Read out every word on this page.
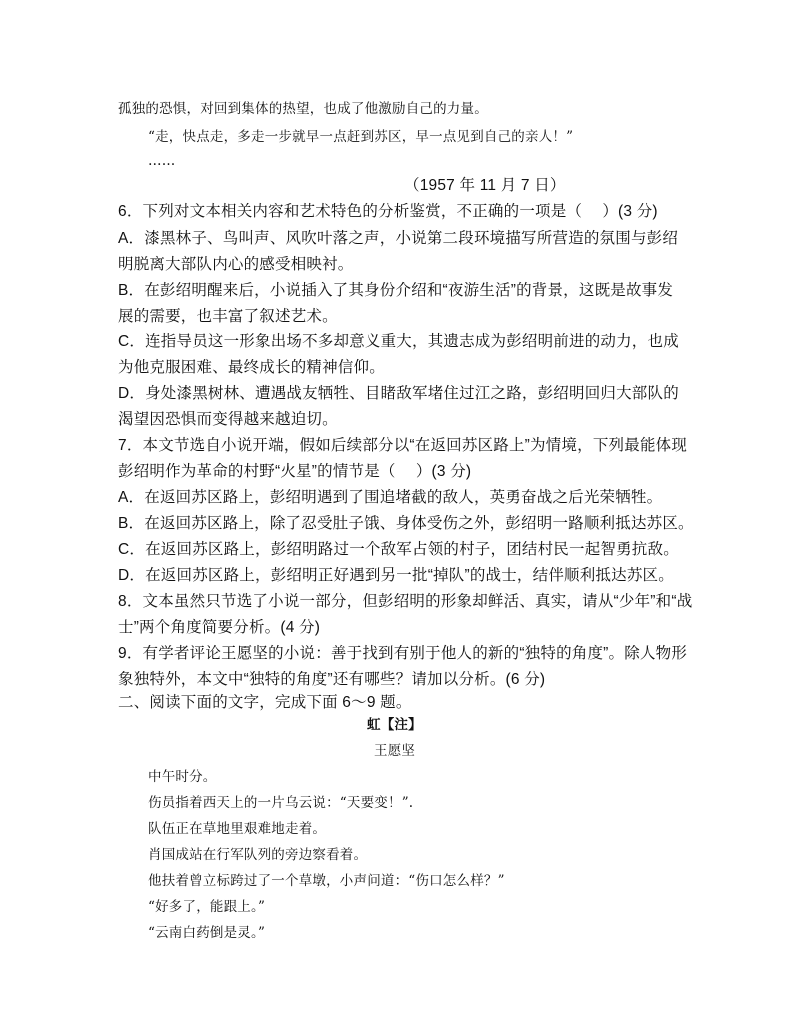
孤独的恐惧，对回到集体的热望，也成了他激励自己的力量。
“走，快点走，多走一步就早一点赶到苏区，早一点见到自己的亲人！”
……
（1957 年 11 月 7 日）
6．下列对文本相关内容和艺术特色的分析鉴赏，不正确的一项是（　 ）(3 分)
A．漆黑林子、鸟叫声、风吹叶落之声，小说第二段环境描写所营造的氛围与彭绍
明脱离大部队内心的感受相映衬。
B．在彭绍明醒来后，小说插入了其身份介绍和“夜游生活”的背景，这既是故事发
展的需要，也丰富了叙述艺术。
C．连指导员这一形象出场不多却意义重大，其遗志成为彭绍明前进的动力，也成
为他克服困难、最终成长的精神信仰。
D．身处漆黑树林、遭遇战友牺牲、目睹敌军堵住过江之路，彭绍明回归大部队的
渴望因恐惧而变得越来越迫切。
7．本文节选自小说开端，假如后续部分以“在返回苏区路上”为情境，下列最能体现
彭绍明作为革命的村野“火星”的情节是（　 ）(3 分)
A．在返回苏区路上，彭绍明遇到了围追堵截的敌人，英勇奋战之后光荣牺牲。
B．在返回苏区路上，除了忍受肚子饿、身体受伤之外，彭绍明一路顺利抵达苏区。
C．在返回苏区路上，彭绍明路过一个敌军占领的村子，团结村民一起智勇抗敌。
D．在返回苏区路上，彭绍明正好遇到另一批“掉队”的战士，结伴顺利抵达苏区。
8．文本虽然只节选了小说一部分，但彭绍明的形象却鲜活、真实，请从“少年”和“战
士”两个角度简要分析。(4 分)
9．有学者评论王愿坚的小说：善于找到有别于他人的新的“独特的角度”。除人物形
象独特外，本文中“独特的角度”还有哪些？请加以分析。(6 分)
二、阅读下面的文字，完成下面 6～9 题。
虹【注】
王愿坚
中午时分。
伤员指着西天上的一片乌云说：“天要变！”.
队伍正在草地里艰难地走着。
肖国成站在行军队列的旁边察看着。
他扶着曾立标跨过了一个草墩，小声问道：“伤口怎么样？”
“好多了，能跟上。”
“云南白药倒是灵。”
